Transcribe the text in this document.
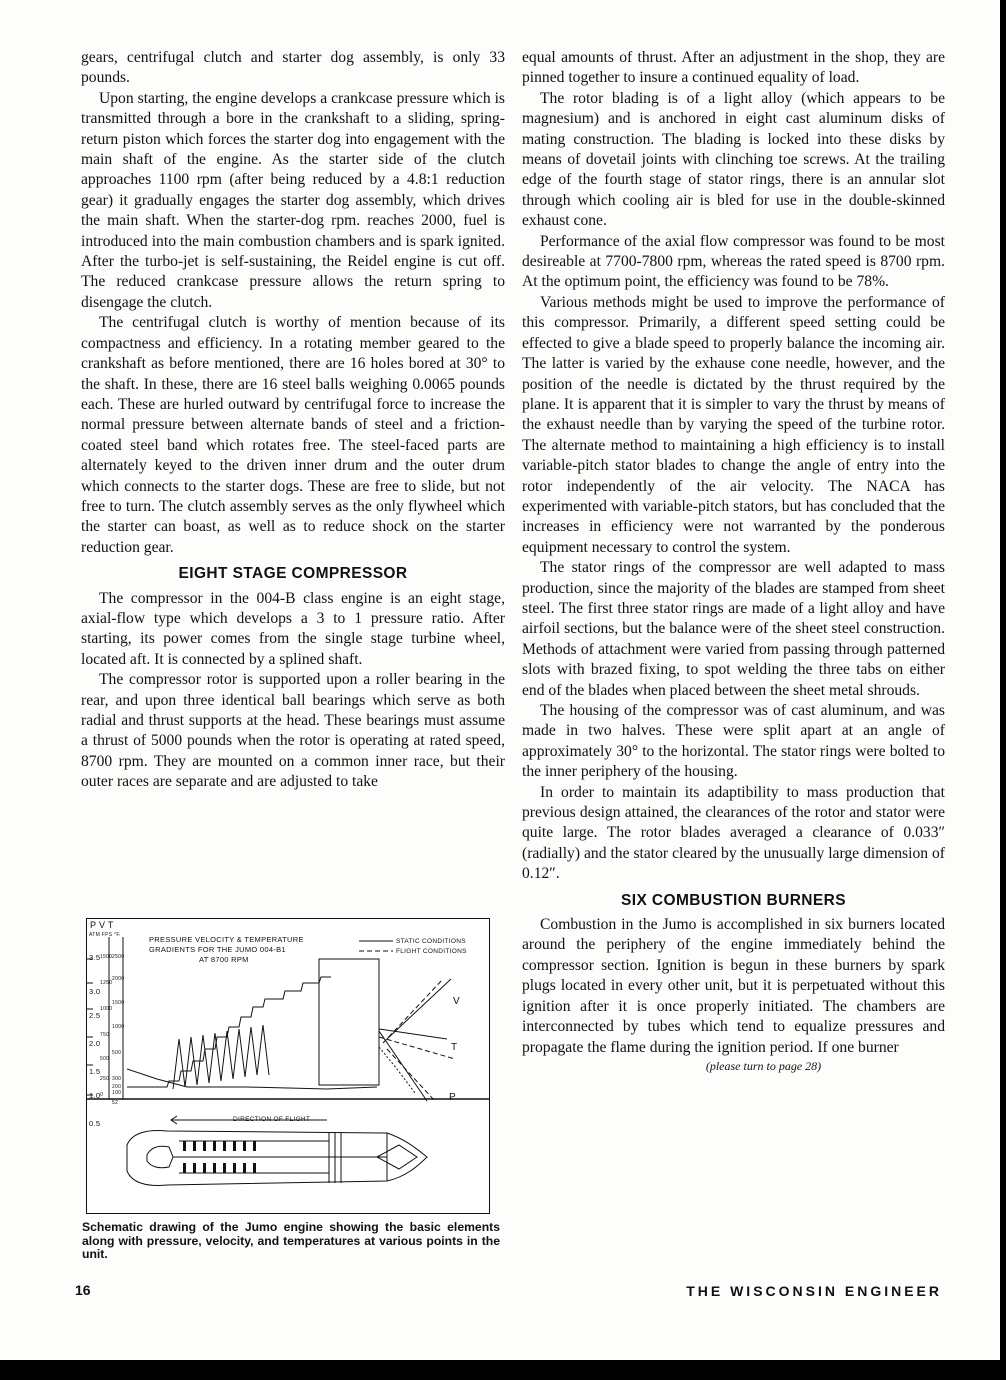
gears, centrifugal clutch and starter dog assembly, is only 33 pounds.

Upon starting, the engine develops a crankcase pressure which is transmitted through a bore in the crankshaft to a sliding, spring-return piston which forces the starter dog into engagement with the main shaft of the engine. As the starter side of the clutch approaches 1100 rpm (after being reduced by a 4.8:1 reduction gear) it gradually engages the starter dog assembly, which drives the main shaft. When the starter-dog rpm. reaches 2000, fuel is introduced into the main combustion chambers and is spark ignited. After the turbo-jet is self-sustaining, the Reidel engine is cut off. The reduced crankcase pressure allows the return spring to disengage the clutch.

The centrifugal clutch is worthy of mention because of its compactness and efficiency. In a rotating member geared to the crankshaft as before mentioned, there are 16 holes bored at 30° to the shaft. In these, there are 16 steel balls weighing 0.0065 pounds each. These are hurled outward by centrifugal force to increase the normal pressure between alternate bands of steel and a friction-coated steel band which rotates free. The steel-faced parts are alternately keyed to the driven inner drum and the outer drum which connects to the starter dogs. These are free to slide, but not free to turn. The clutch assembly serves as the only flywheel which the starter can boast, as well as to reduce shock on the starter reduction gear.

EIGHT STAGE COMPRESSOR

The compressor in the 004-B class engine is an eight stage, axial-flow type which develops a 3 to 1 pressure ratio. After starting, its power comes from the single stage turbine wheel, located aft. It is connected by a splined shaft.

The compressor rotor is supported upon a roller bearing in the rear, and upon three identical ball bearings which serve as both radial and thrust supports at the head. These bearings must assume a thrust of 5000 pounds when the rotor is operating at rated speed, 8700 rpm. They are mounted on a common inner race, but their outer races are separate and are adjusted to take

equal amounts of thrust. After an adjustment in the shop, they are pinned together to insure a continued equality of load.

The rotor blading is of a light alloy (which appears to be magnesium) and is anchored in eight cast aluminum disks of mating construction. The blading is locked into these disks by means of dovetail joints with clinching toe screws. At the trailing edge of the fourth stage of stator rings, there is an annular slot through which cooling air is bled for use in the double-skinned exhaust cone.

Performance of the axial flow compressor was found to be most desireable at 7700-7800 rpm, whereas the rated speed is 8700 rpm. At the optimum point, the efficiency was found to be 78%.

Various methods might be used to improve the performance of this compressor. Primarily, a different speed setting could be effected to give a blade speed to properly balance the incoming air. The latter is varied by the exhause cone needle, however, and the position of the needle is dictated by the thrust required by the plane. It is apparent that it is simpler to vary the thrust by means of the exhaust needle than by varying the speed of the turbine rotor. The alternate method to maintaining a high efficiency is to install variable-pitch stator blades to change the angle of entry into the rotor independently of the air velocity. The NACA has experimented with variable-pitch stators, but has concluded that the increases in efficiency were not warranted by the ponderous equipment necessary to control the system.

The stator rings of the compressor are well adapted to mass production, since the majority of the blades are stamped from sheet steel. The first three stator rings are made of a light alloy and have airfoil sections, but the balance were of the sheet steel construction. Methods of attachment were varied from passing through patterned slots with brazed fixing, to spot welding the three tabs on either end of the blades when placed between the sheet metal shrouds.

The housing of the compressor was of cast aluminum, and was made in two halves. These were split apart at an angle of approximately 30° to the horizontal. The stator rings were bolted to the inner periphery of the housing.

In order to maintain its adaptibility to mass production that previous design attained, the clearances of the rotor and stator were quite large. The rotor blades averaged a clearance of 0.033″ (radially) and the stator cleared by the unusually large dimension of 0.12″.

SIX COMBUSTION BURNERS

Combustion in the Jumo is accomplished in six burners located around the periphery of the engine immediately behind the compressor section. Ignition is begun in these burners by spark plugs located in every other unit, but it is perpetuated without this ignition after it is once properly initiated. The chambers are interconnected by tubes which tend to equalize pressures and propagate the flame during the ignition period. If one burner

(please turn to page 28)

P V T
ATM FPS °F.
3.5
3.0
2.5
2.0
1.5
1.0
0.5
1500
1250
1000
750
500
250
0
2500
2000
1500
1000
500
300
200
100
52
PRESSURE VELOCITY & TEMPERATURE
GRADIENTS FOR THE JUMO 004-B1
AT 8700 RPM
STATIC CONDITIONS
FLIGHT CONDITIONS
V
T
P
DIRECTION OF FLIGHT
Schematic drawing of the Jumo engine showing the basic elements along with pressure, velocity, and temperatures at various points in the unit.
16	THE WISCONSIN ENGINEER
